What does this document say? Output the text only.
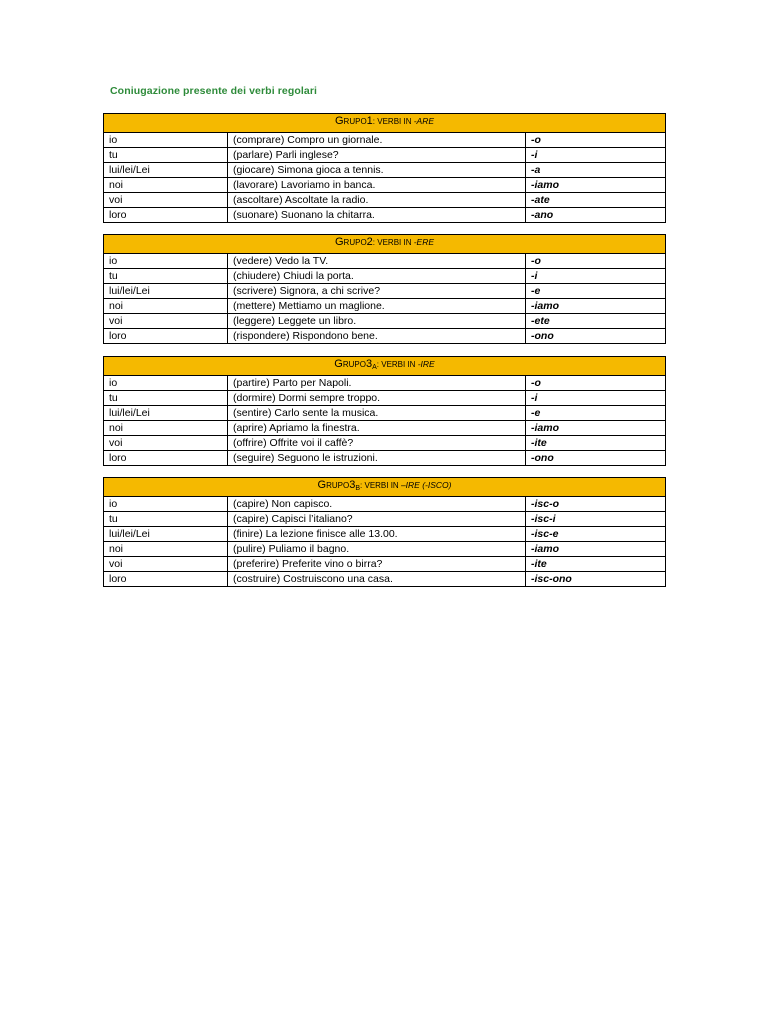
Coniugazione presente dei verbi regolari
GRUPO1: VERBI IN -ARE		
io	(comprare) Compro un giornale.	-o
tu	(parlare) Parli inglese?	-i
lui/lei/Lei	(giocare) Simona gioca a tennis.	-a
noi	(lavorare) Lavoriamo in banca.	-iamo
voi	(ascoltare) Ascoltate la radio.	-ate
loro	(suonare) Suonano la chitarra.	-ano
GRUPO2: VERBI IN -ERE		
io	(vedere) Vedo la TV.	-o
tu	(chiudere) Chiudi la porta.	-i
lui/lei/Lei	(scrivere) Signora, a chi scrive?	-e
noi	(mettere) Mettiamo un maglione.	-iamo
voi	(leggere) Leggete un libro.	-ete
loro	(rispondere) Rispondono bene.	-ono
$GRUPO3_A$: VERBI IN -IRE		
io	(partire) Parto per Napoli.	-o
tu	(dormire) Dormi sempre troppo.	-i
lui/lei/Lei	(sentire) Carlo sente la musica.	-e
noi	(aprire) Apriamo la finestra.	-iamo
voi	(offrire) Offrite voi il caffè?	-ite
loro	(seguire) Seguono le istruzioni.	-ono
$GRUPO3_B$: VERBI IN –IRE (-ISCO)		
io	(capire) Non capisco.	-isc-o
tu	(capire) Capisci l’italiano?	-isc-i
lui/lei/Lei	(finire) La lezione finisce alle 13.00.	-isc-e
noi	(pulire) Puliamo il bagno.	-iamo
voi	(preferire) Preferite vino o birra?	-ite
loro	(costruire) Costruiscono una casa.	-isc-ono
